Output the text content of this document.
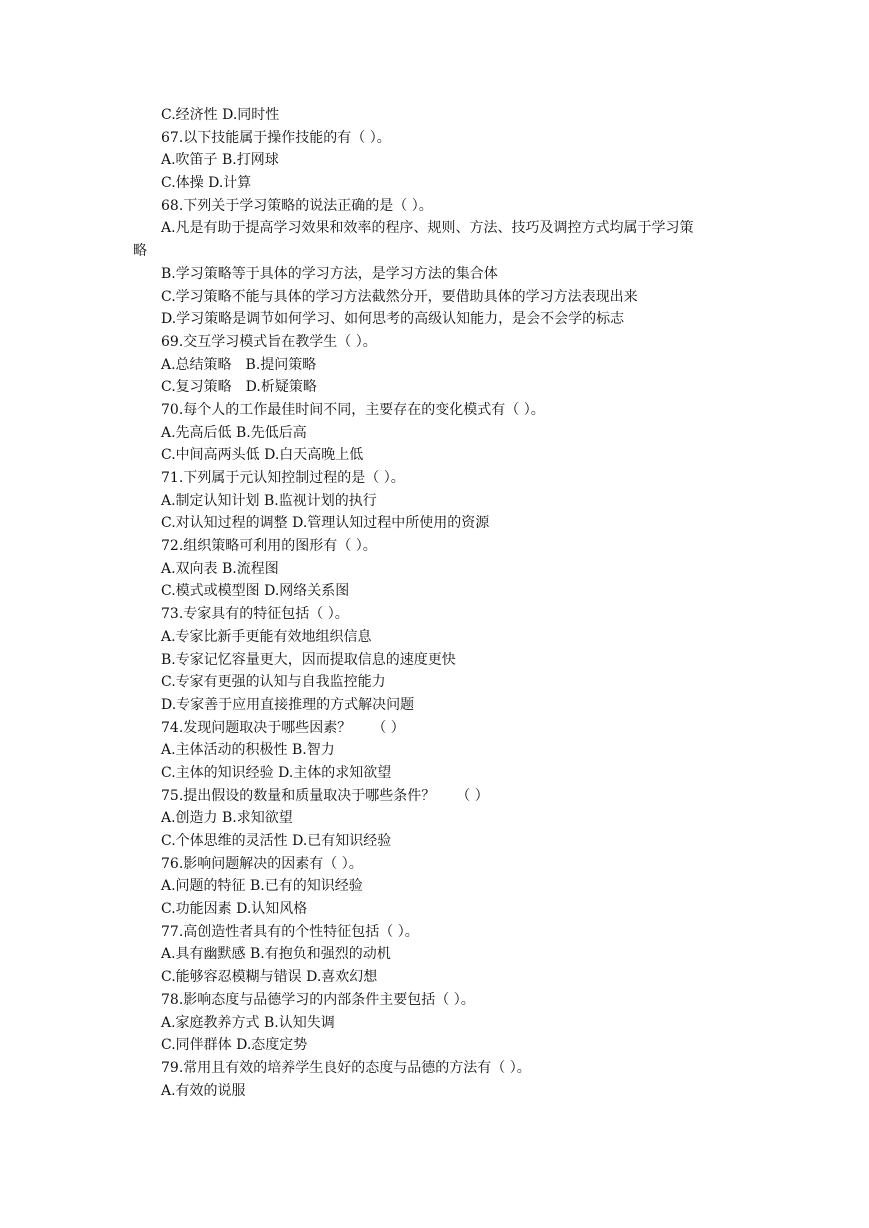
C.经济性 D.同时性
67.以下技能属于操作技能的有（ ）。
A.吹笛子 B.打网球
C.体操 D.计算
68.下列关于学习策略的说法正确的是（ ）。
A.凡是有助于提高学习效果和效率的程序、规则、方法、技巧及调控方式均属于学习策
略
B.学习策略等于具体的学习方法，是学习方法的集合体
C.学习策略不能与具体的学习方法截然分开，要借助具体的学习方法表现出来
D.学习策略是调节如何学习、如何思考的高级认知能力，是会不会学的标志
69.交互学习模式旨在教学生（ ）。
A.总结策略　B.提问策略
C.复习策略　D.析疑策略
70.每个人的工作最佳时间不同，主要存在的变化模式有（ ）。
A.先高后低 B.先低后高
C.中间高两头低 D.白天高晚上低
71.下列属于元认知控制过程的是（ ）。
A.制定认知计划 B.监视计划的执行
C.对认知过程的调整 D.管理认知过程中所使用的资源
72.组织策略可利用的图形有（ ）。
A.双向表 B.流程图
C.模式或模型图 D.网络关系图
73.专家具有的特征包括（ ）。
A.专家比新手更能有效地组织信息
B.专家记忆容量更大，因而提取信息的速度更快
C.专家有更强的认知与自我监控能力
D.专家善于应用直接推理的方式解决问题
74.发现问题取决于哪些因素？　　（ ）
A.主体活动的积极性 B.智力
C.主体的知识经验 D.主体的求知欲望
75.提出假设的数量和质量取决于哪些条件？　　（ ）
A.创造力 B.求知欲望
C.个体思维的灵活性 D.已有知识经验
76.影响问题解决的因素有（ ）。
A.问题的特征 B.已有的知识经验
C.功能因素 D.认知风格
77.高创造性者具有的个性特征包括（ ）。
A.具有幽默感 B.有抱负和强烈的动机
C.能够容忍模糊与错误 D.喜欢幻想
78.影响态度与品德学习的内部条件主要包括（ ）。
A.家庭教养方式 B.认知失调
C.同伴群体 D.态度定势
79.常用且有效的培养学生良好的态度与品德的方法有（ ）。
A.有效的说服
